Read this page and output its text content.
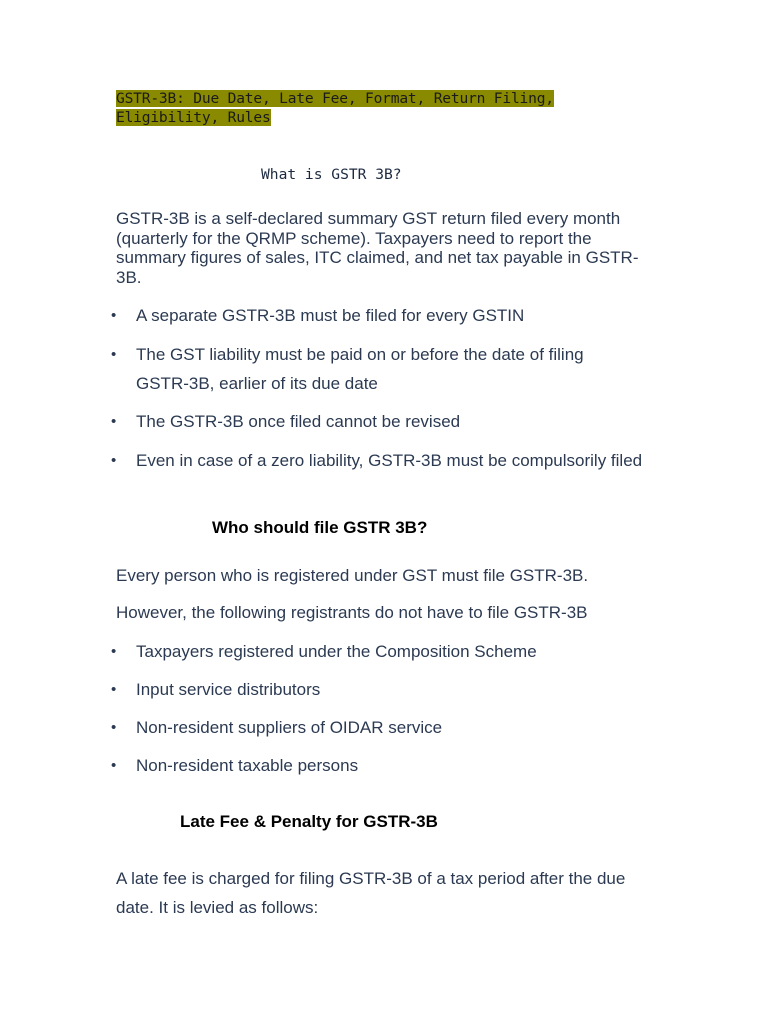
GSTR-3B: Due Date, Late Fee, Format, Return Filing, Eligibility, Rules

What is GSTR 3B?

GSTR-3B is a self-declared summary GST return filed every month (quarterly for the QRMP scheme). Taxpayers need to report the summary figures of sales, ITC claimed, and net tax payable in GSTR-3B.

• A separate GSTR-3B must be filed for every GSTIN
• The GST liability must be paid on or before the date of filing GSTR-3B, earlier of its due date
• The GSTR-3B once filed cannot be revised
• Even in case of a zero liability, GSTR-3B must be compulsorily filed
Who should file GSTR 3B?

Every person who is registered under GST must file GSTR-3B.

However, the following registrants do not have to file GSTR-3B

• Taxpayers registered under the Composition Scheme
• Input service distributors
• Non-resident suppliers of OIDAR service
• Non-resident taxable persons
Late Fee & Penalty for GSTR-3B

A late fee is charged for filing GSTR-3B of a tax period after the due date. It is levied as follows:
